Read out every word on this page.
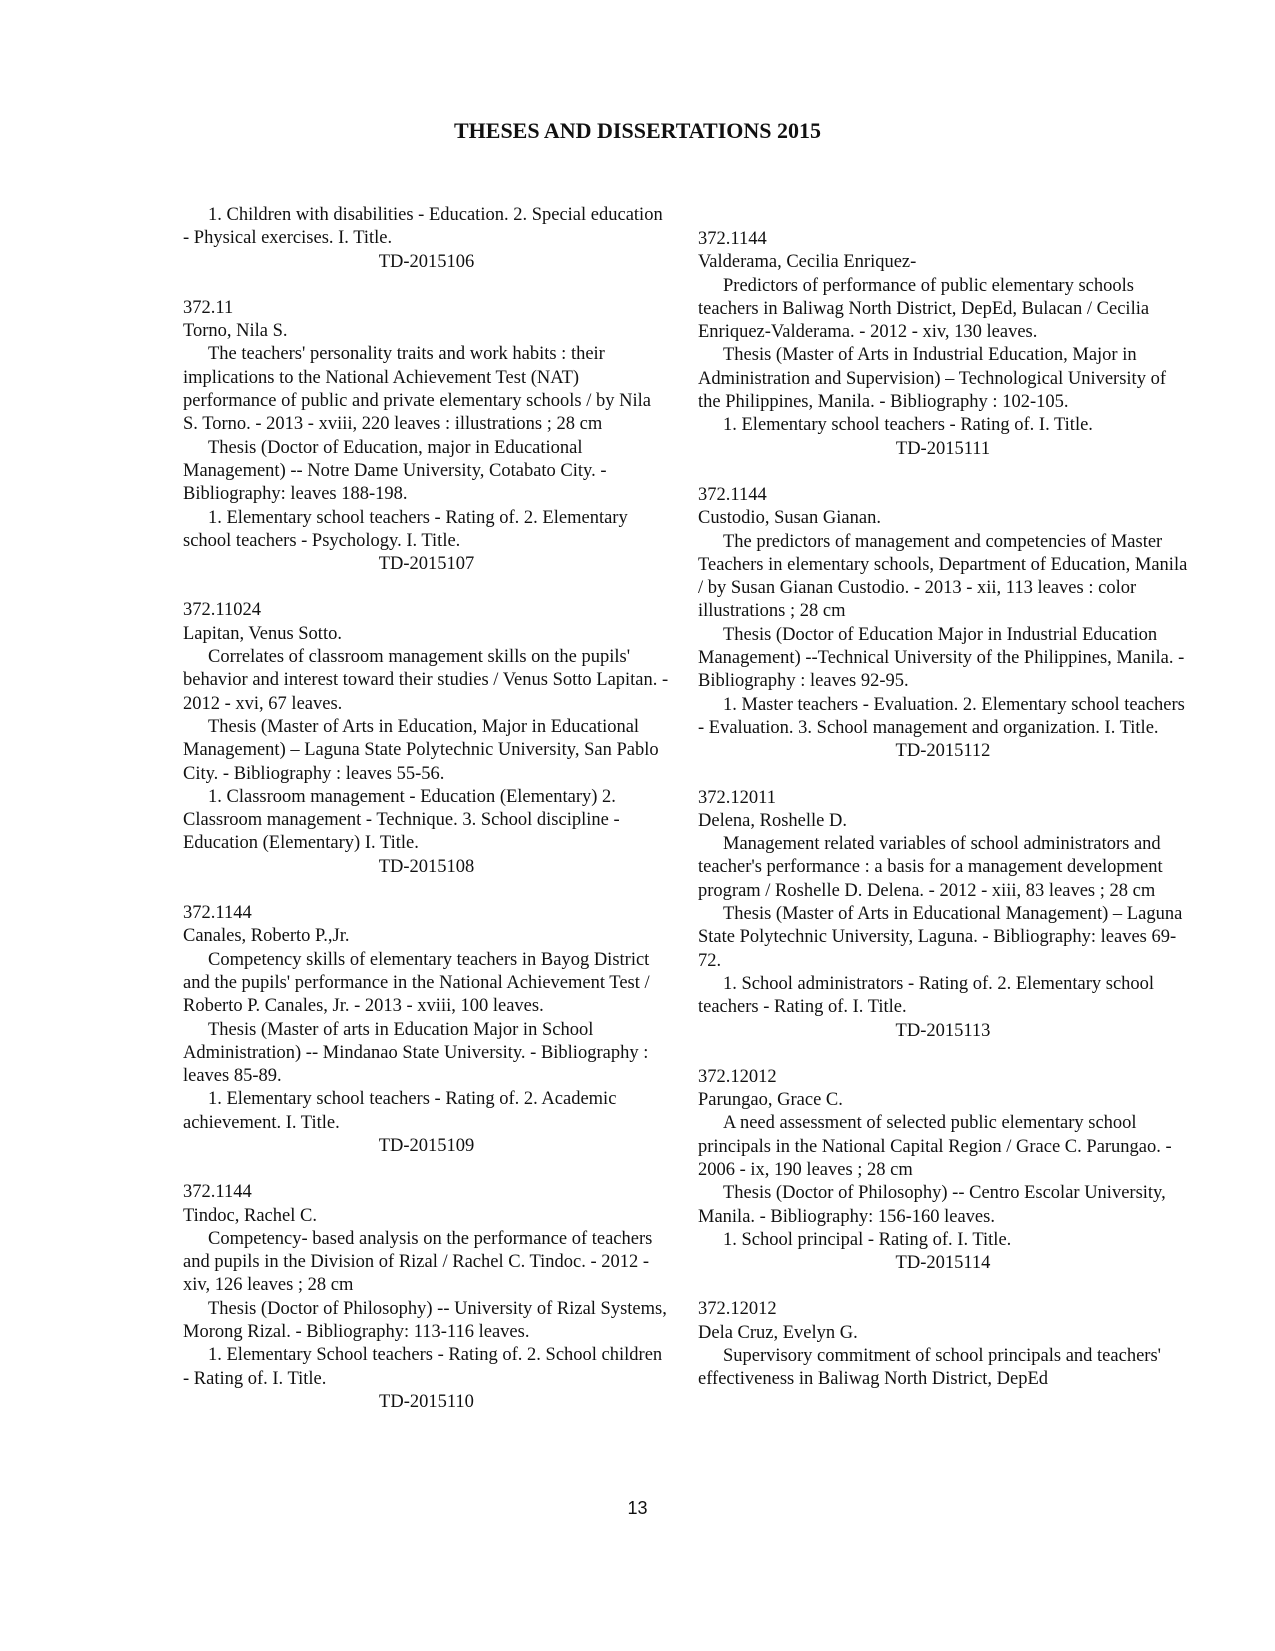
THESES AND DISSERTATIONS 2015

1. Children with disabilities - Education. 2. Special education - Physical exercises. I. Title.

TD-2015106

372.11

Torno, Nila S.

The teachers' personality traits and work habits : their implications to the National Achievement Test (NAT) performance of public and private elementary schools / by Nila S. Torno. - 2013 - xviii, 220 leaves : illustrations ; 28 cm

Thesis (Doctor of Education, major in Educational Management) -- Notre Dame University, Cotabato City. - Bibliography: leaves 188-198.

1. Elementary school teachers - Rating of. 2. Elementary school teachers - Psychology. I. Title.

TD-2015107

372.11024

Lapitan, Venus Sotto.

Correlates of classroom management skills on the pupils' behavior and interest toward their studies / Venus Sotto Lapitan. - 2012 - xvi, 67 leaves.

Thesis (Master of Arts in Education, Major in Educational Management) – Laguna State Polytechnic University, San Pablo City. - Bibliography : leaves 55-56.

1. Classroom management - Education (Elementary) 2. Classroom management - Technique. 3. School discipline - Education (Elementary) I. Title.

TD-2015108

372.1144

Canales, Roberto P.,Jr.

Competency skills of elementary teachers in Bayog District and the pupils' performance in the National Achievement Test / Roberto P. Canales, Jr. - 2013 - xviii, 100 leaves.

Thesis (Master of arts in Education Major in School Administration) -- Mindanao State University. - Bibliography : leaves 85-89.

1. Elementary school teachers - Rating of. 2. Academic achievement. I. Title.

TD-2015109

372.1144

Tindoc, Rachel C.

Competency- based analysis on the performance of teachers and pupils in the Division of Rizal / Rachel C. Tindoc. - 2012 - xiv, 126 leaves ; 28 cm

Thesis (Doctor of Philosophy) -- University of Rizal Systems, Morong Rizal. - Bibliography: 113-116 leaves.

1. Elementary School teachers - Rating of. 2. School children - Rating of. I. Title.

TD-2015110

372.1144

Valderama, Cecilia Enriquez-

Predictors of performance of public elementary schools teachers in Baliwag North District, DepEd, Bulacan / Cecilia Enriquez-Valderama. - 2012 - xiv, 130 leaves.

Thesis (Master of Arts in Industrial Education, Major in Administration and Supervision) – Technological University of the Philippines, Manila. - Bibliography : 102-105.

1. Elementary school teachers - Rating of. I. Title.

TD-2015111

372.1144

Custodio, Susan Gianan.

The predictors of management and competencies of Master Teachers in elementary schools, Department of Education, Manila / by Susan Gianan Custodio. - 2013 - xii, 113 leaves : color illustrations ; 28 cm

Thesis (Doctor of Education Major in Industrial Education Management) --Technical University of the Philippines, Manila. - Bibliography : leaves 92-95.

1. Master teachers - Evaluation. 2. Elementary school teachers - Evaluation. 3. School management and organization. I. Title.

TD-2015112

372.12011

Delena, Roshelle D.

Management related variables of school administrators and teacher's performance : a basis for a management development program / Roshelle D. Delena. - 2012 - xiii, 83 leaves ; 28 cm

Thesis (Master of Arts in Educational Management) – Laguna State Polytechnic University, Laguna. - Bibliography: leaves 69-72.

1. School administrators - Rating of. 2. Elementary school teachers - Rating of. I. Title.

TD-2015113

372.12012

Parungao, Grace C.

A need assessment of selected public elementary school principals in the National Capital Region / Grace C. Parungao. - 2006 - ix, 190 leaves ; 28 cm

Thesis (Doctor of Philosophy) -- Centro Escolar University, Manila. - Bibliography: 156-160 leaves.

1. School principal - Rating of. I. Title.

TD-2015114

372.12012

Dela Cruz, Evelyn G.

Supervisory commitment of school principals and teachers' effectiveness in Baliwag North District, DepEd

13
